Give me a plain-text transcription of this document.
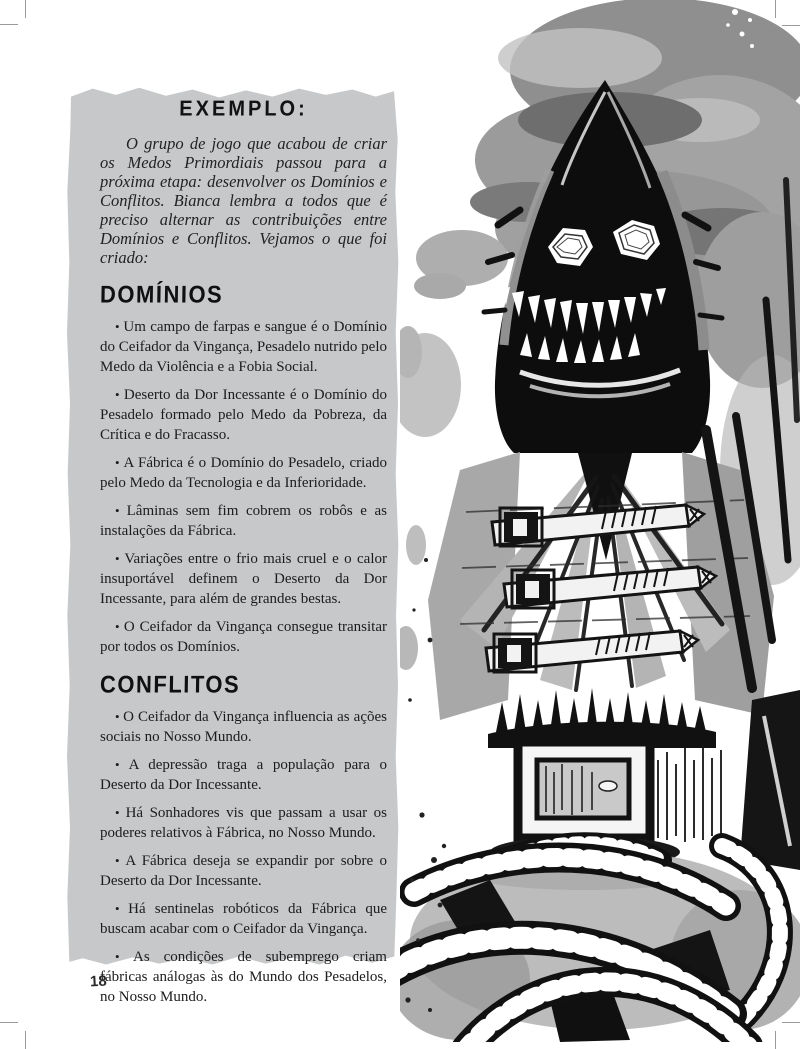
EXEMPLO:

O grupo de jogo que acabou de criar os Medos Primordiais passou para a próxima etapa: desenvolver os Domínios e Conflitos. Bianca lembra a todos que é preciso alternar as contribuições entre Domínios e Conflitos. Vejamos o que foi criado:

DOMÍNIOS

• Um campo de farpas e sangue é o Domínio do Ceifador da Vingança, Pesadelo nutrido pelo Medo da Violência e a Fobia Social.

• Deserto da Dor Incessante é o Domínio do Pesadelo formado pelo Medo da Pobreza, da Crítica e do Fracasso.

• A Fábrica é o Domínio do Pesadelo, criado pelo Medo da Tecnologia e da Inferioridade.

• Lâminas sem fim cobrem os robôs e as instalações da Fábrica.

• Variações entre o frio mais cruel e o calor insuportável definem o Deserto da Dor Incessante, para além de grandes bestas.

• O Ceifador da Vingança consegue transitar por todos os Domínios.

CONFLITOS

• O Ceifador da Vingança influencia as ações sociais no Nosso Mundo.

• A depressão traga a população para o Deserto da Dor Incessante.

• Há Sonhadores vis que passam a usar os poderes relativos à Fábrica, no Nosso Mundo.

• A Fábrica deseja se expandir por sobre o Deserto da Dor Incessante.

• Há sentinelas robóticos da Fábrica que buscam acabar com o Ceifador da Vingança.

• As condições de subemprego criam fábricas análogas às do Mundo dos Pesadelos, no Nosso Mundo.

18
